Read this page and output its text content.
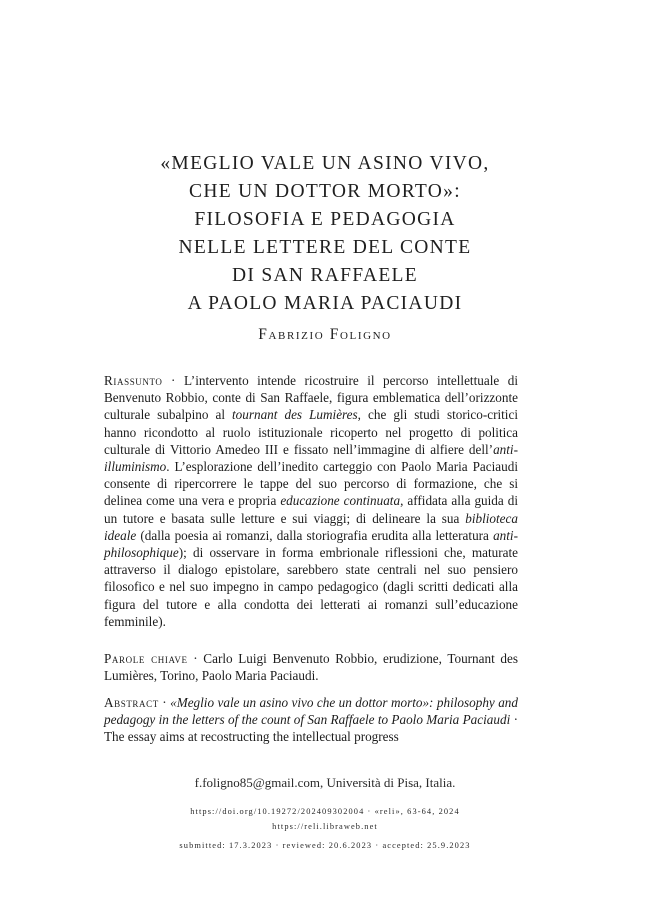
«MEGLIO VALE UN ASINO VIVO,
CHE UN DOTTOR MORTO»:
FILOSOFIA E PEDAGOGIA
NELLE LETTERE DEL CONTE
DI SAN RAFFAELE
A PAOLO MARIA PACIAUDI
Fabrizio Foligno

Riassunto · L’intervento intende ricostruire il percorso intellettuale di Benvenuto Robbio, conte di San Raffaele, figura emblematica dell’orizzonte culturale subalpino al tournant des Lumières, che gli studi storico-critici hanno ricondotto al ruolo istituzionale ricoperto nel progetto di politica culturale di Vittorio Amedeo III e fissato nell’immagine di alfiere dell’anti-illuminismo. L’esplorazione dell’inedito carteggio con Paolo Maria Paciaudi consente di ripercorrere le tappe del suo percorso di formazione, che si delinea come una vera e propria educazione continuata, affidata alla guida di un tutore e basata sulle letture e sui viaggi; di delineare la sua biblioteca ideale (dalla poesia ai romanzi, dalla storiografia erudita alla letteratura anti-philosophique); di osservare in forma embrionale riflessioni che, maturate attraverso il dialogo epistolare, sarebbero state centrali nel suo pensiero filosofico e nel suo impegno in campo pedagogico (dagli scritti dedicati alla figura del tutore e alla condotta dei letterati ai romanzi sull’educazione femminile).

Parole chiave · Carlo Luigi Benvenuto Robbio, erudizione, Tournant des Lumières, Torino, Paolo Maria Paciaudi.

Abstract · «Meglio vale un asino vivo che un dottor morto»: philosophy and pedagogy in the letters of the count of San Raffaele to Paolo Maria Paciaudi · The essay aims at recostructing the intellectual progress

f.foligno85@gmail.com, Università di Pisa, Italia.
https://doi.org/10.19272/202409302004 · «reli», 63-64, 2024
https://reli.libraweb.net
submitted: 17.3.2023 · reviewed: 20.6.2023 · accepted: 25.9.2023
